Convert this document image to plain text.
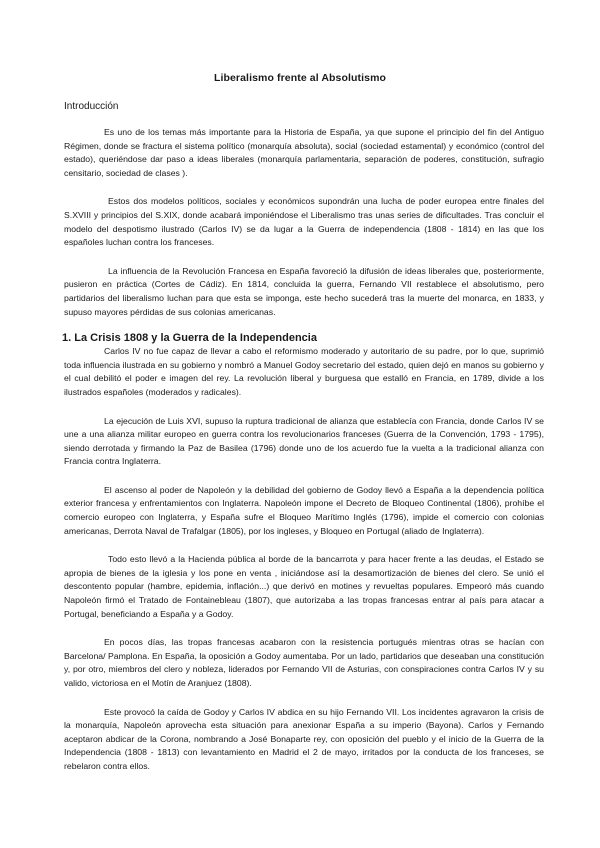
Liberalismo frente al Absolutismo
Introducción

Es uno de los temas más importante para la Historia de España, ya que supone el principio del fin del Antiguo Régimen, donde se fractura el sistema político (monarquía absoluta), social (sociedad estamental) y económico (control del estado), queriéndose dar paso a ideas liberales (monarquía parlamentaria, separación de poderes, constitución, sufragio censitario, sociedad de clases ).

Estos dos modelos políticos, sociales y económicos supondrán una lucha de poder europea entre finales del S.XVIII y principios del S.XIX, donde acabará imponiéndose el Liberalismo tras unas series de dificultades. Tras concluir el modelo del despotismo ilustrado (Carlos IV) se da lugar a la Guerra de independencia (1808 - 1814) en las que los españoles luchan contra los franceses.

La influencia de la Revolución Francesa en España favoreció la difusión de ideas liberales que, posteriormente, pusieron en práctica (Cortes de Cádiz). En 1814, concluida la guerra, Fernando VII restablece el absolutismo, pero partidarios del liberalismo luchan para que esta se imponga, este hecho sucederá tras la muerte del monarca, en 1833, y supuso mayores pérdidas de sus colonias americanas.

1. La Crisis 1808 y la Guerra de la Independencia

Carlos IV no fue capaz de llevar a cabo el reformismo moderado y autoritario de su padre, por lo que, suprimió toda influencia ilustrada en su gobierno y nombró a Manuel Godoy secretario del estado, quien dejó en manos su gobierno y el cual debilitó el poder e imagen del rey. La revolución liberal y burguesa que estalló en Francia, en 1789, divide a los ilustrados españoles (moderados y radicales).

La ejecución de Luis XVI, supuso la ruptura tradicional de alianza que establecía con Francia, donde Carlos IV se une a una alianza militar europeo en guerra contra los revolucionarios franceses (Guerra de la Convención, 1793 - 1795), siendo derrotada y firmando la Paz de Basilea (1796) donde uno de los acuerdo fue la vuelta a la tradicional alianza con Francia contra Inglaterra.

El ascenso al poder de Napoleón y la debilidad del gobierno de Godoy llevó a España a la dependencia política exterior francesa y enfrentamientos con Inglaterra. Napoleón impone el Decreto de Bloqueo Continental (1806), prohíbe el comercio europeo con Inglaterra, y España sufre el Bloqueo Marítimo Inglés (1796), impide el comercio con colonias americanas, Derrota Naval de Trafalgar (1805), por los ingleses, y Bloqueo en Portugal (aliado de Inglaterra).

Todo esto llevó a la Hacienda pública al borde de la bancarrota y para hacer frente a las deudas, el Estado se apropia de bienes de la iglesia y los pone en venta , iniciándose así la desamortización de bienes del clero. Se unió el descontento popular (hambre, epidemia, inflación...) que derivó en motines y revueltas populares. Empeoró más cuando Napoleón firmó el Tratado de Fontainebleau (1807), que autorizaba a las tropas francesas entrar al país para atacar a Portugal, beneficiando a España y a Godoy.

En pocos días, las tropas francesas acabaron con la resistencia portugués mientras otras se hacían con Barcelona/ Pamplona. En España, la oposición a Godoy aumentaba. Por un lado, partidarios que deseaban una constitución y, por otro, miembros del clero y nobleza, liderados por Fernando VII de Asturias, con conspiraciones contra Carlos IV y su valido, victoriosa en el Motín de Aranjuez (1808).

Este provocó la caída de Godoy y Carlos IV abdica en su hijo Fernando VII. Los incidentes agravaron la crisis de la monarquía, Napoleón aprovecha esta situación para anexionar España a su imperio (Bayona). Carlos y Fernando aceptaron abdicar de la Corona, nombrando a José Bonaparte rey, con oposición del pueblo y el inicio de la Guerra de la Independencia (1808 - 1813) con levantamiento en Madrid el 2 de mayo, irritados por la conducta de los franceses, se rebelaron contra ellos.
